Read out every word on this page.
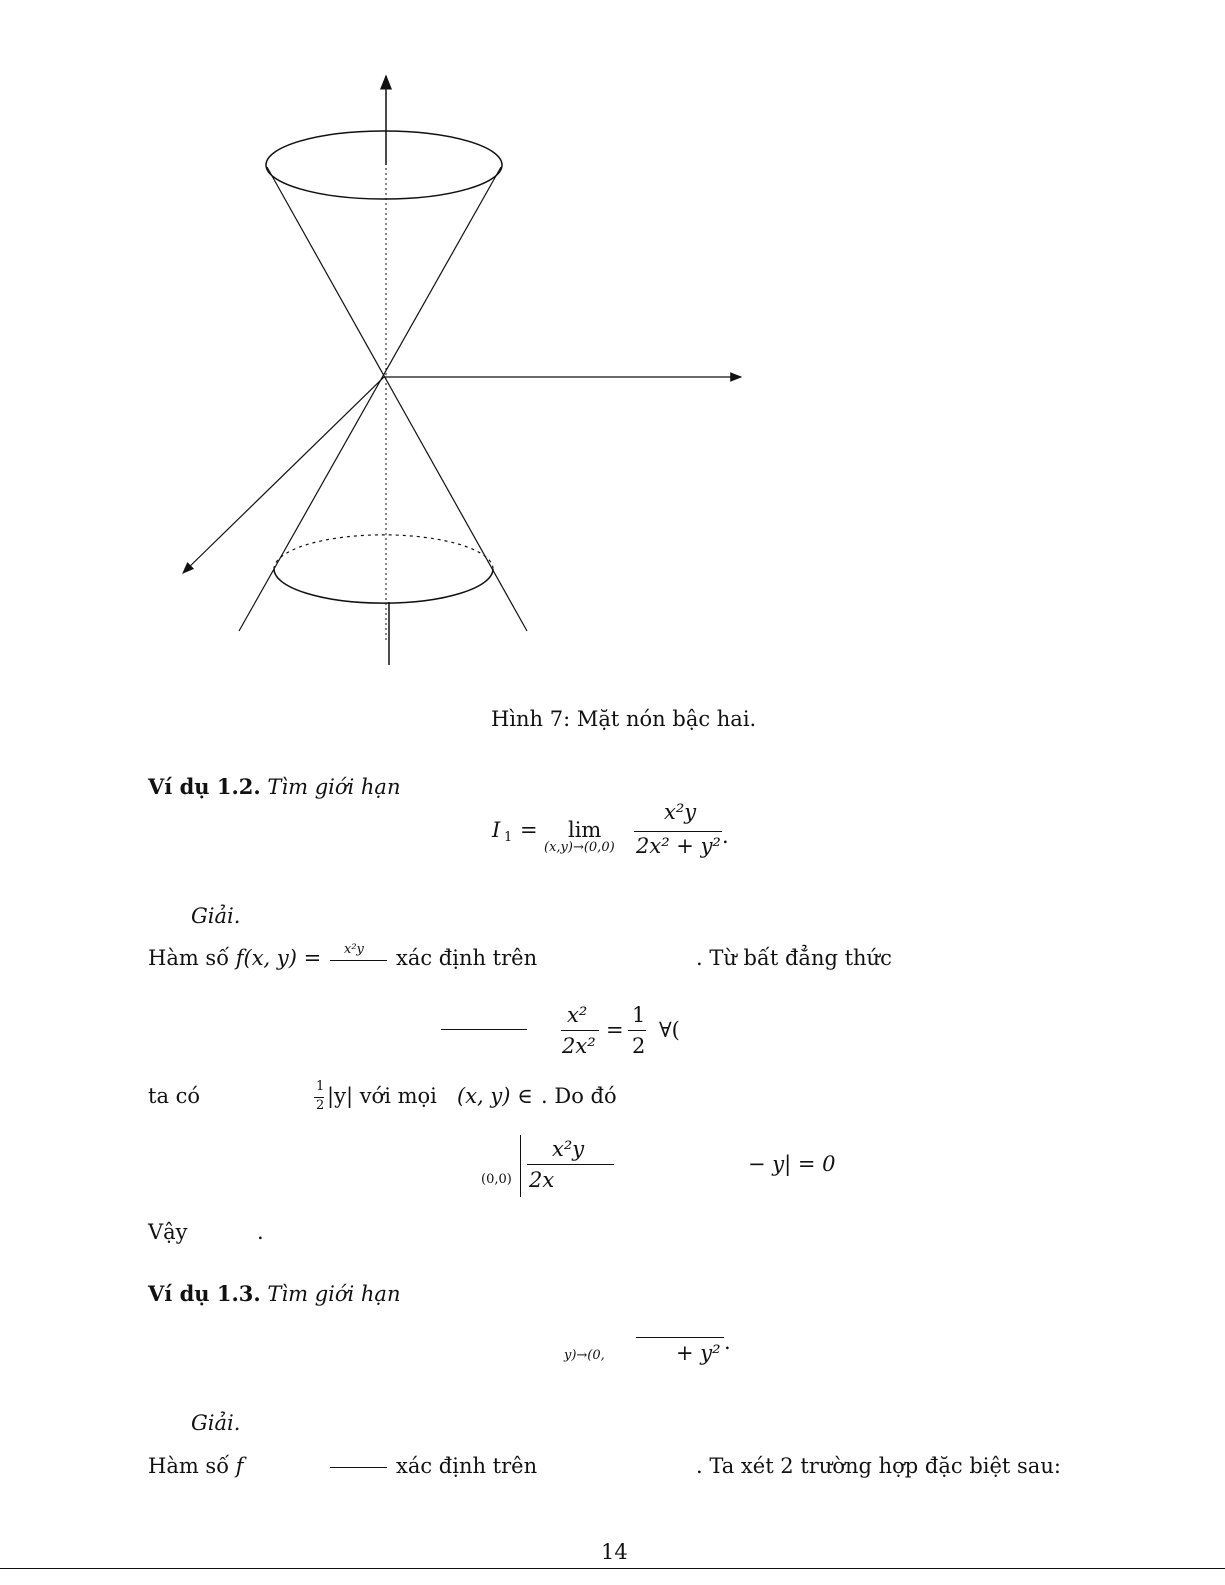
Hình 7: Mặt nón bậc hai.
Ví dụ 1.2. Tìm giới hạn
I 1 = lim
(x,y)→(0,0)
x²y
2x² + y² .
Giải.
Hàm số f(x, y) = x²y xác định trên	. Từ bất đẳng thức
x²
2x²
=
1
2
∀(
ta có	1
2 |y| với mọi (x, y) ∈ . Do đó
(0,0)
x²y
2x
− y| = 0
Vậy	.
Ví dụ 1.3. Tìm giới hạn
y)→(0,	+ y² .
Giải.
Hàm số f	xác định trên	. Ta xét 2 trường hợp đặc biệt sau:
14
